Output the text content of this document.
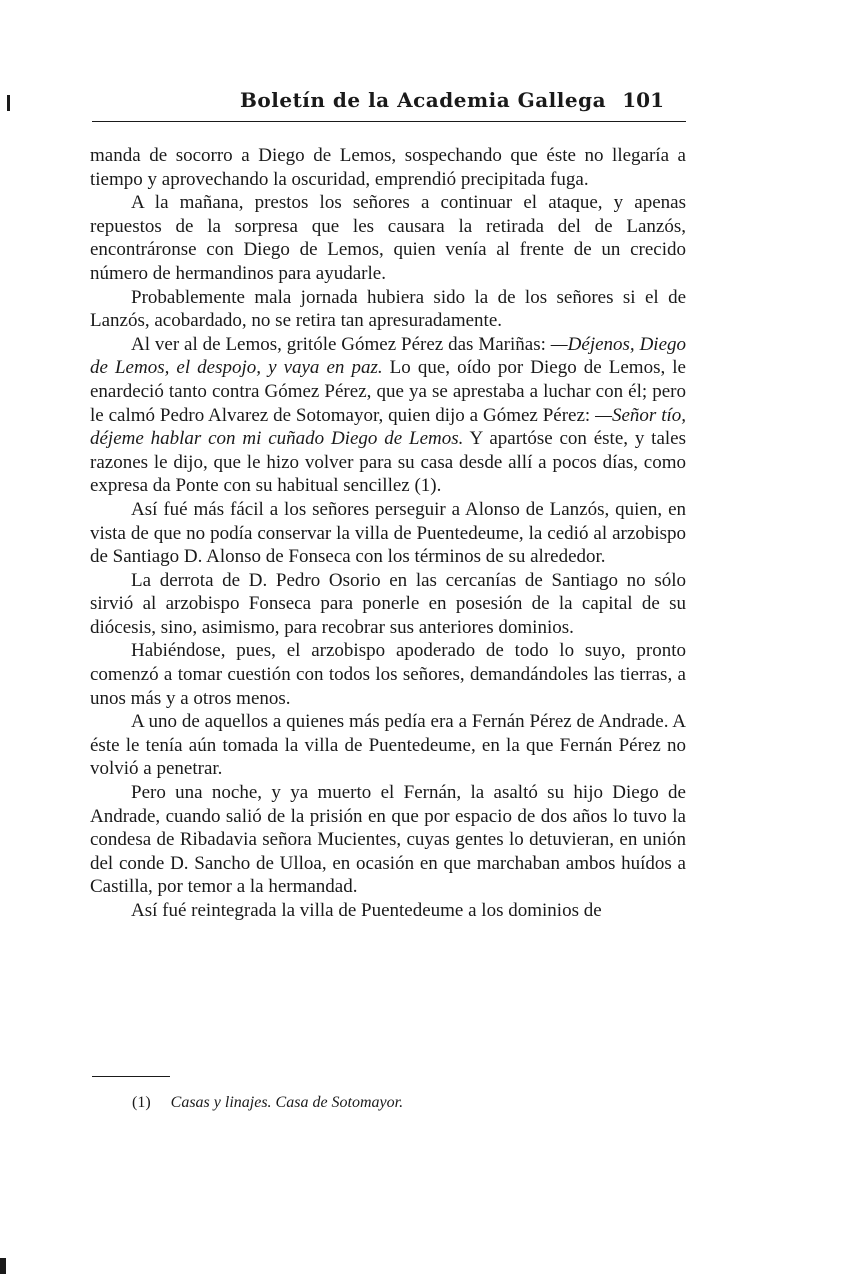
Boletín de la Academia Gallega 101

manda de socorro a Diego de Lemos, sospechando que éste no llegaría a tiempo y aprovechando la oscuridad, emprendió precipitada fuga.

A la mañana, prestos los señores a continuar el ataque, y apenas repuestos de la sorpresa que les causara la retirada del de Lanzós, encontráronse con Diego de Lemos, quien venía al frente de un crecido número de hermandinos para ayudarle.

Probablemente mala jornada hubiera sido la de los señores si el de Lanzós, acobardado, no se retira tan apresuradamente.

Al ver al de Lemos, gritóle Gómez Pérez das Mariñas: —Déjenos, Diego de Lemos, el despojo, y vaya en paz. Lo que, oído por Diego de Lemos, le enardeció tanto contra Gómez Pérez, que ya se aprestaba a luchar con él; pero le calmó Pedro Alvarez de Sotomayor, quien dijo a Gómez Pérez: —Señor tío, déjeme hablar con mi cuñado Diego de Lemos. Y apartóse con éste, y tales razones le dijo, que le hizo volver para su casa desde allí a pocos días, como expresa da Ponte con su habitual sencillez (1).

Así fué más fácil a los señores perseguir a Alonso de Lanzós, quien, en vista de que no podía conservar la villa de Puentedeume, la cedió al arzobispo de Santiago D. Alonso de Fonseca con los términos de su alrededor.

La derrota de D. Pedro Osorio en las cercanías de Santiago no sólo sirvió al arzobispo Fonseca para ponerle en posesión de la capital de su diócesis, sino, asimismo, para recobrar sus anteriores dominios.

Habiéndose, pues, el arzobispo apoderado de todo lo suyo, pronto comenzó a tomar cuestión con todos los señores, demandándoles las tierras, a unos más y a otros menos.

A uno de aquellos a quienes más pedía era a Fernán Pérez de Andrade. A éste le tenía aún tomada la villa de Puentedeume, en la que Fernán Pérez no volvió a penetrar.

Pero una noche, y ya muerto el Fernán, la asaltó su hijo Diego de Andrade, cuando salió de la prisión en que por espacio de dos años lo tuvo la condesa de Ribadavia señora Mucientes, cuyas gentes lo detuvieran, en unión del conde D. Sancho de Ulloa, en ocasión en que marchaban ambos huídos a Castilla, por temor a la hermandad.

Así fué reintegrada la villa de Puentedeume a los dominios de

(1) Casas y linajes. Casa de Sotomayor.
